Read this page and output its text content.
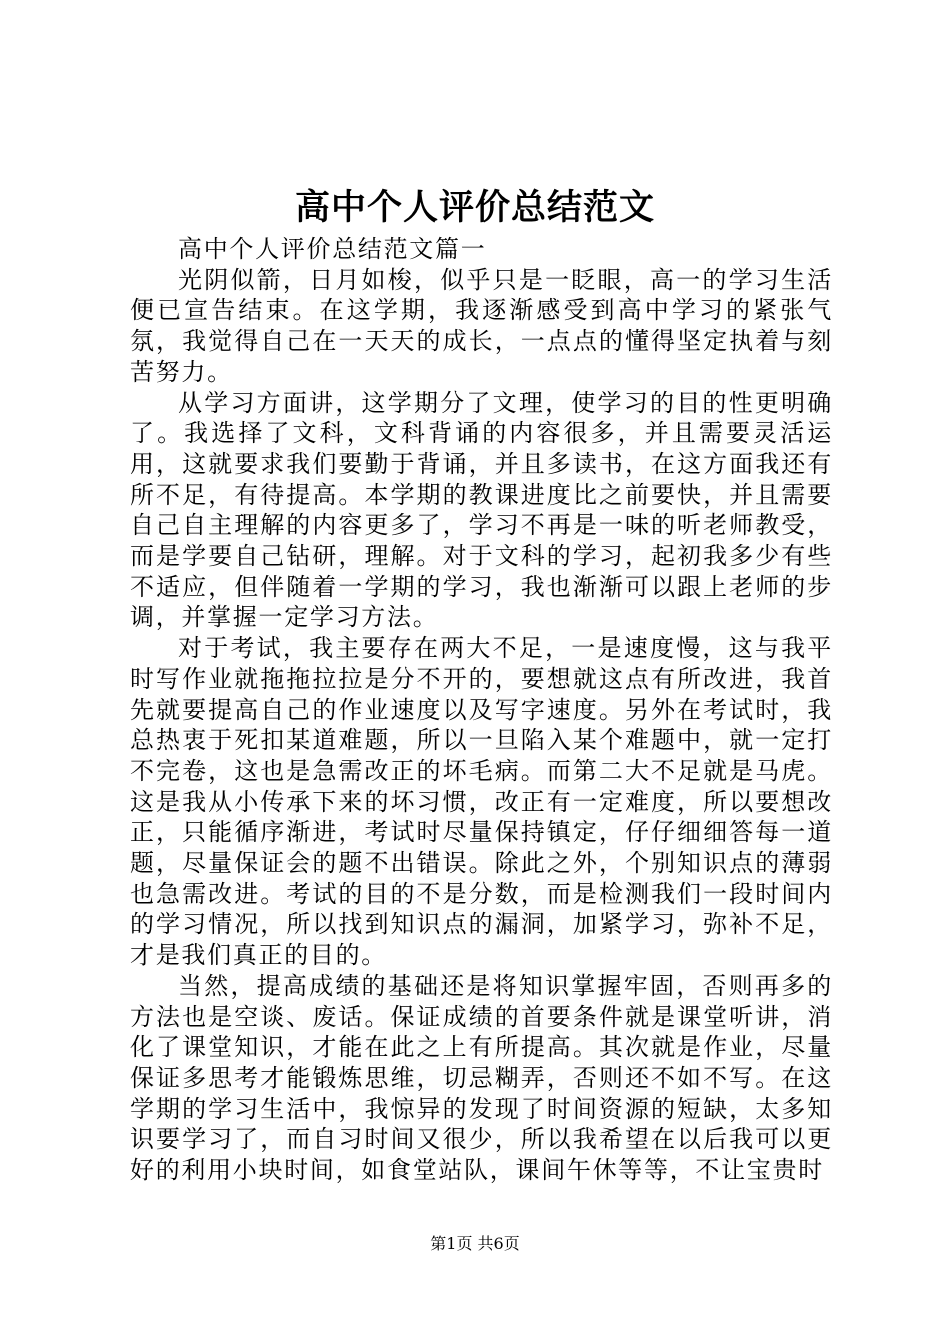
高中个人评价总结范文

高中个人评价总结范文篇一

光阴似箭，日月如梭，似乎只是一眨眼，高一的学习生活便已宣告结束。在这学期，我逐渐感受到高中学习的紧张气氛，我觉得自己在一天天的成长，一点点的懂得坚定执着与刻苦努力。

从学习方面讲，这学期分了文理，使学习的目的性更明确了。我选择了文科，文科背诵的内容很多，并且需要灵活运用，这就要求我们要勤于背诵，并且多读书，在这方面我还有所不足，有待提高。本学期的教课进度比之前要快，并且需要自己自主理解的内容更多了，学习不再是一味的听老师教受，而是学要自己钻研，理解。对于文科的学习，起初我多少有些不适应，但伴随着一学期的学习，我也渐渐可以跟上老师的步调，并掌握一定学习方法。

对于考试，我主要存在两大不足，一是速度慢，这与我平时写作业就拖拖拉拉是分不开的，要想就这点有所改进，我首先就要提高自己的作业速度以及写字速度。另外在考试时，我总热衷于死扣某道难题，所以一旦陷入某个难题中，就一定打不完卷，这也是急需改正的坏毛病。而第二大不足就是马虎。这是我从小传承下来的坏习惯，改正有一定难度，所以要想改正，只能循序渐进，考试时尽量保持镇定，仔仔细细答每一道题，尽量保证会的题不出错误。除此之外，个别知识点的薄弱也急需改进。考试的目的不是分数，而是检测我们一段时间内的学习情况，所以找到知识点的漏洞，加紧学习，弥补不足，才是我们真正的目的。

当然，提高成绩的基础还是将知识掌握牢固，否则再多的方法也是空谈、废话。保证成绩的首要条件就是课堂听讲，消化了课堂知识，才能在此之上有所提高。其次就是作业，尽量保证多思考才能锻炼思维，切忌糊弄，否则还不如不写。在这学期的学习生活中，我惊异的发现了时间资源的短缺，太多知识要学习了，而自习时间又很少，所以我希望在以后我可以更好的利用小块时间，如食堂站队，课间午休等等，不让宝贵时

第1页 共6页
